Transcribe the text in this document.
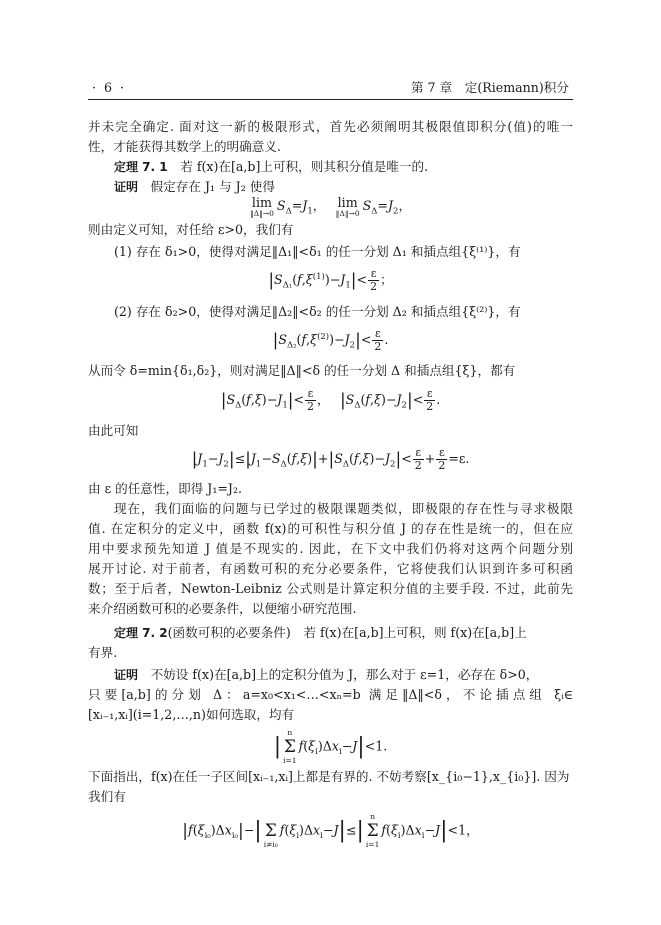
· 6 ·	第 7 章　定(Riemann)积分
并未完全确定. 面对这一新的极限形式，首先必须阐明其极限值即积分(值)的唯一
性，才能获得其数学上的明确意义.
定理 7. 1　若 f(x)在[a,b]上可积，则其积分值是唯一的.
证明　假定存在 J₁ 与 J₂ 使得
lim
‖Δ‖→0
$S_\Delta=J_1$，　 lim
‖Δ‖→0
$S_\Delta=J_2$，
则由定义可知，对任给 ε>0，我们有
(1) 存在 δ₁>0，使得对满足‖Δ₁‖<δ₁ 的任一分划 Δ₁ 和插点组{ξ⁽¹⁾}，有
$|S_{\Delta_1}(f,\xi^{(1)})-J_1|< \frac{\varepsilon}{2}$ ；
(2) 存在 δ₂>0，使得对满足‖Δ₂‖<δ₂ 的任一分划 Δ₂ 和插点组{ξ⁽²⁾}，有
$|S_{\Delta_2}(f,\xi^{(2)})-J_2|< \frac{\varepsilon}{2}$ .
从而令 δ=min{δ₁,δ₂}，则对满足‖Δ‖<δ 的任一分划 Δ 和插点组{ξ}，都有
$|S_\Delta(f,\xi)-J_1|< \frac{\varepsilon}{2}$ ，　 $|S_\Delta(f,\xi)-J_2|< \frac{\varepsilon}{2}$ .
由此可知
$|J_1-J_2|\le|J_1-S_\Delta(f,\xi)|+|S_\Delta(f,\xi)-J_2|< \frac{\varepsilon}{2} + \frac{\varepsilon}{2} =\varepsilon$.
由 ε 的任意性，即得 J₁=J₂.
现在，我们面临的问题与已学过的极限课题类似，即极限的存在性与寻求极限
值. 在定积分的定义中，函数 f(x)的可积性与积分值 J 的存在性是统一的，但在应
用中要求预先知道 J 值是不现实的. 因此，在下文中我们仍将对这两个问题分别
展开讨论. 对于前者，有函数可积的充分必要条件，它将使我们认识到许多可积函
数；至于后者，Newton-Leibniz 公式则是计算定积分值的主要手段. 不过，此前先
来介绍函数可积的必要条件，以便缩小研究范围.
定理 7. 2(函数可积的必要条件)　若 f(x)在[a,b]上可积，则 f(x)在[a,b]上
有界.
证明　不妨设 f(x)在[a,b]上的定积分值为 J，那么对于 ε=1，必存在 δ>0，
只要[a,b]的分划 Δ：a=x₀<x₁<…<xₙ=b 满足‖Δ‖<δ，不论插点组 ξᵢ∈
[xᵢ₋₁,xᵢ](i=1,2,…,n)如何选取，均有
|
n
Σ
i=1
$f(\xi_i)\Delta x_i-J|<1$.
下面指出，f(x)在任一子区间[xᵢ₋₁,xᵢ]上都是有界的. 不妨考察[x_{i₀−1},x_{i₀}]. 因为
我们有
$|f(\xi_{i_0})\Delta x_{i_0}|-|$
Σ
i≠i₀
$f(\xi_i)\Delta x_i-J|\le|$
n
Σ
i=1
$f(\xi_i)\Delta x_i-J|<1$，
